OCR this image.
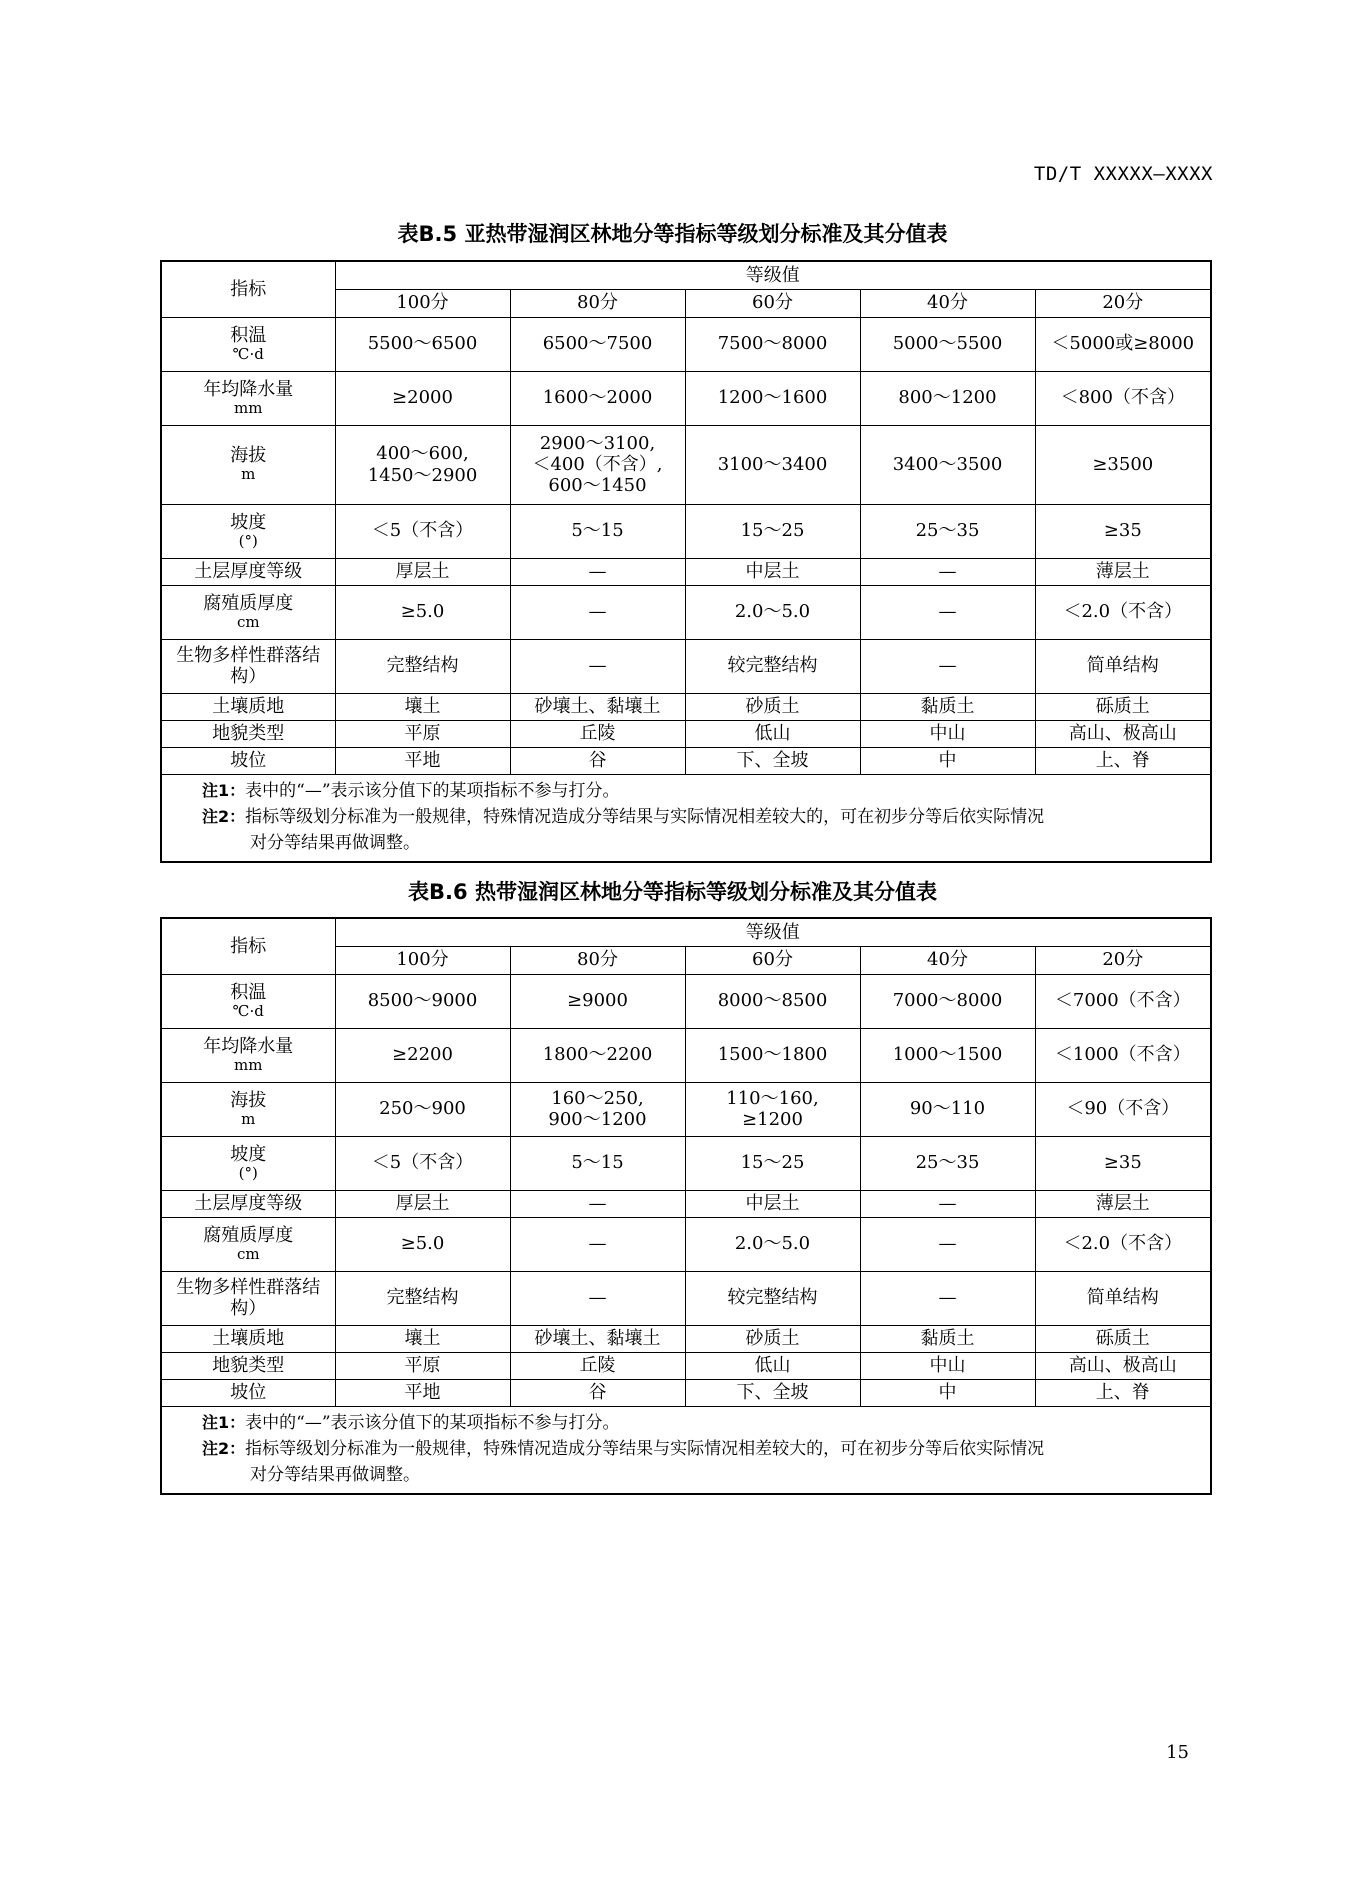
TD/T XXXXX—XXXX
表B.5 亚热带湿润区林地分等指标等级划分标准及其分值表
指标	等级值				
	100分	80分	60分	40分	20分
积温
℃·d	5500～6500	6500～7500	7500～8000	5000～5500	＜5000或≥8000
年均降水量
mm	≥2000	1600～2000	1200～1600	800～1200	＜800（不含）
海拔
m	400～600,
1450～2900	2900～3100,
＜400（不含）,
600～1450	3100～3400	3400～3500	≥3500
坡度
(°)	＜5（不含）	5～15	15～25	25～35	≥35
土层厚度等级	厚层土	—	中层土	—	薄层土
腐殖质厚度
cm	≥5.0	—	2.0～5.0	—	＜2.0（不含）
生物多样性群落结构）	完整结构	—	较完整结构	—	简单结构
土壤质地	壤土	砂壤土、黏壤土	砂质土	黏质土	砾质土
地貌类型	平原	丘陵	低山	中山	高山、极高山
坡位	平地	谷	下、全坡	中	上、脊

注1：表中的“—”表示该分值下的某项指标不参与打分。
注2：指标等级划分标准为一般规律，特殊情况造成分等结果与实际情况相差较大的，可在初步分等后依实际情况
对分等结果再做调整。					
表B.6 热带湿润区林地分等指标等级划分标准及其分值表
指标	等级值				
	100分	80分	60分	40分	20分
积温
℃·d	8500～9000	≥9000	8000～8500	7000～8000	＜7000（不含）
年均降水量
mm	≥2200	1800～2200	1500～1800	1000～1500	＜1000（不含）
海拔
m	250～900	160～250,
900～1200	110～160,
≥1200	90～110	＜90（不含）
坡度
(°)	＜5（不含）	5～15	15～25	25～35	≥35
土层厚度等级	厚层土	—	中层土	—	薄层土
腐殖质厚度
cm	≥5.0	—	2.0～5.0	—	＜2.0（不含）
生物多样性群落结构）	完整结构	—	较完整结构	—	简单结构
土壤质地	壤土	砂壤土、黏壤土	砂质土	黏质土	砾质土
地貌类型	平原	丘陵	低山	中山	高山、极高山
坡位	平地	谷	下、全坡	中	上、脊

注1：表中的“—”表示该分值下的某项指标不参与打分。
注2：指标等级划分标准为一般规律，特殊情况造成分等结果与实际情况相差较大的，可在初步分等后依实际情况
对分等结果再做调整。					
15
